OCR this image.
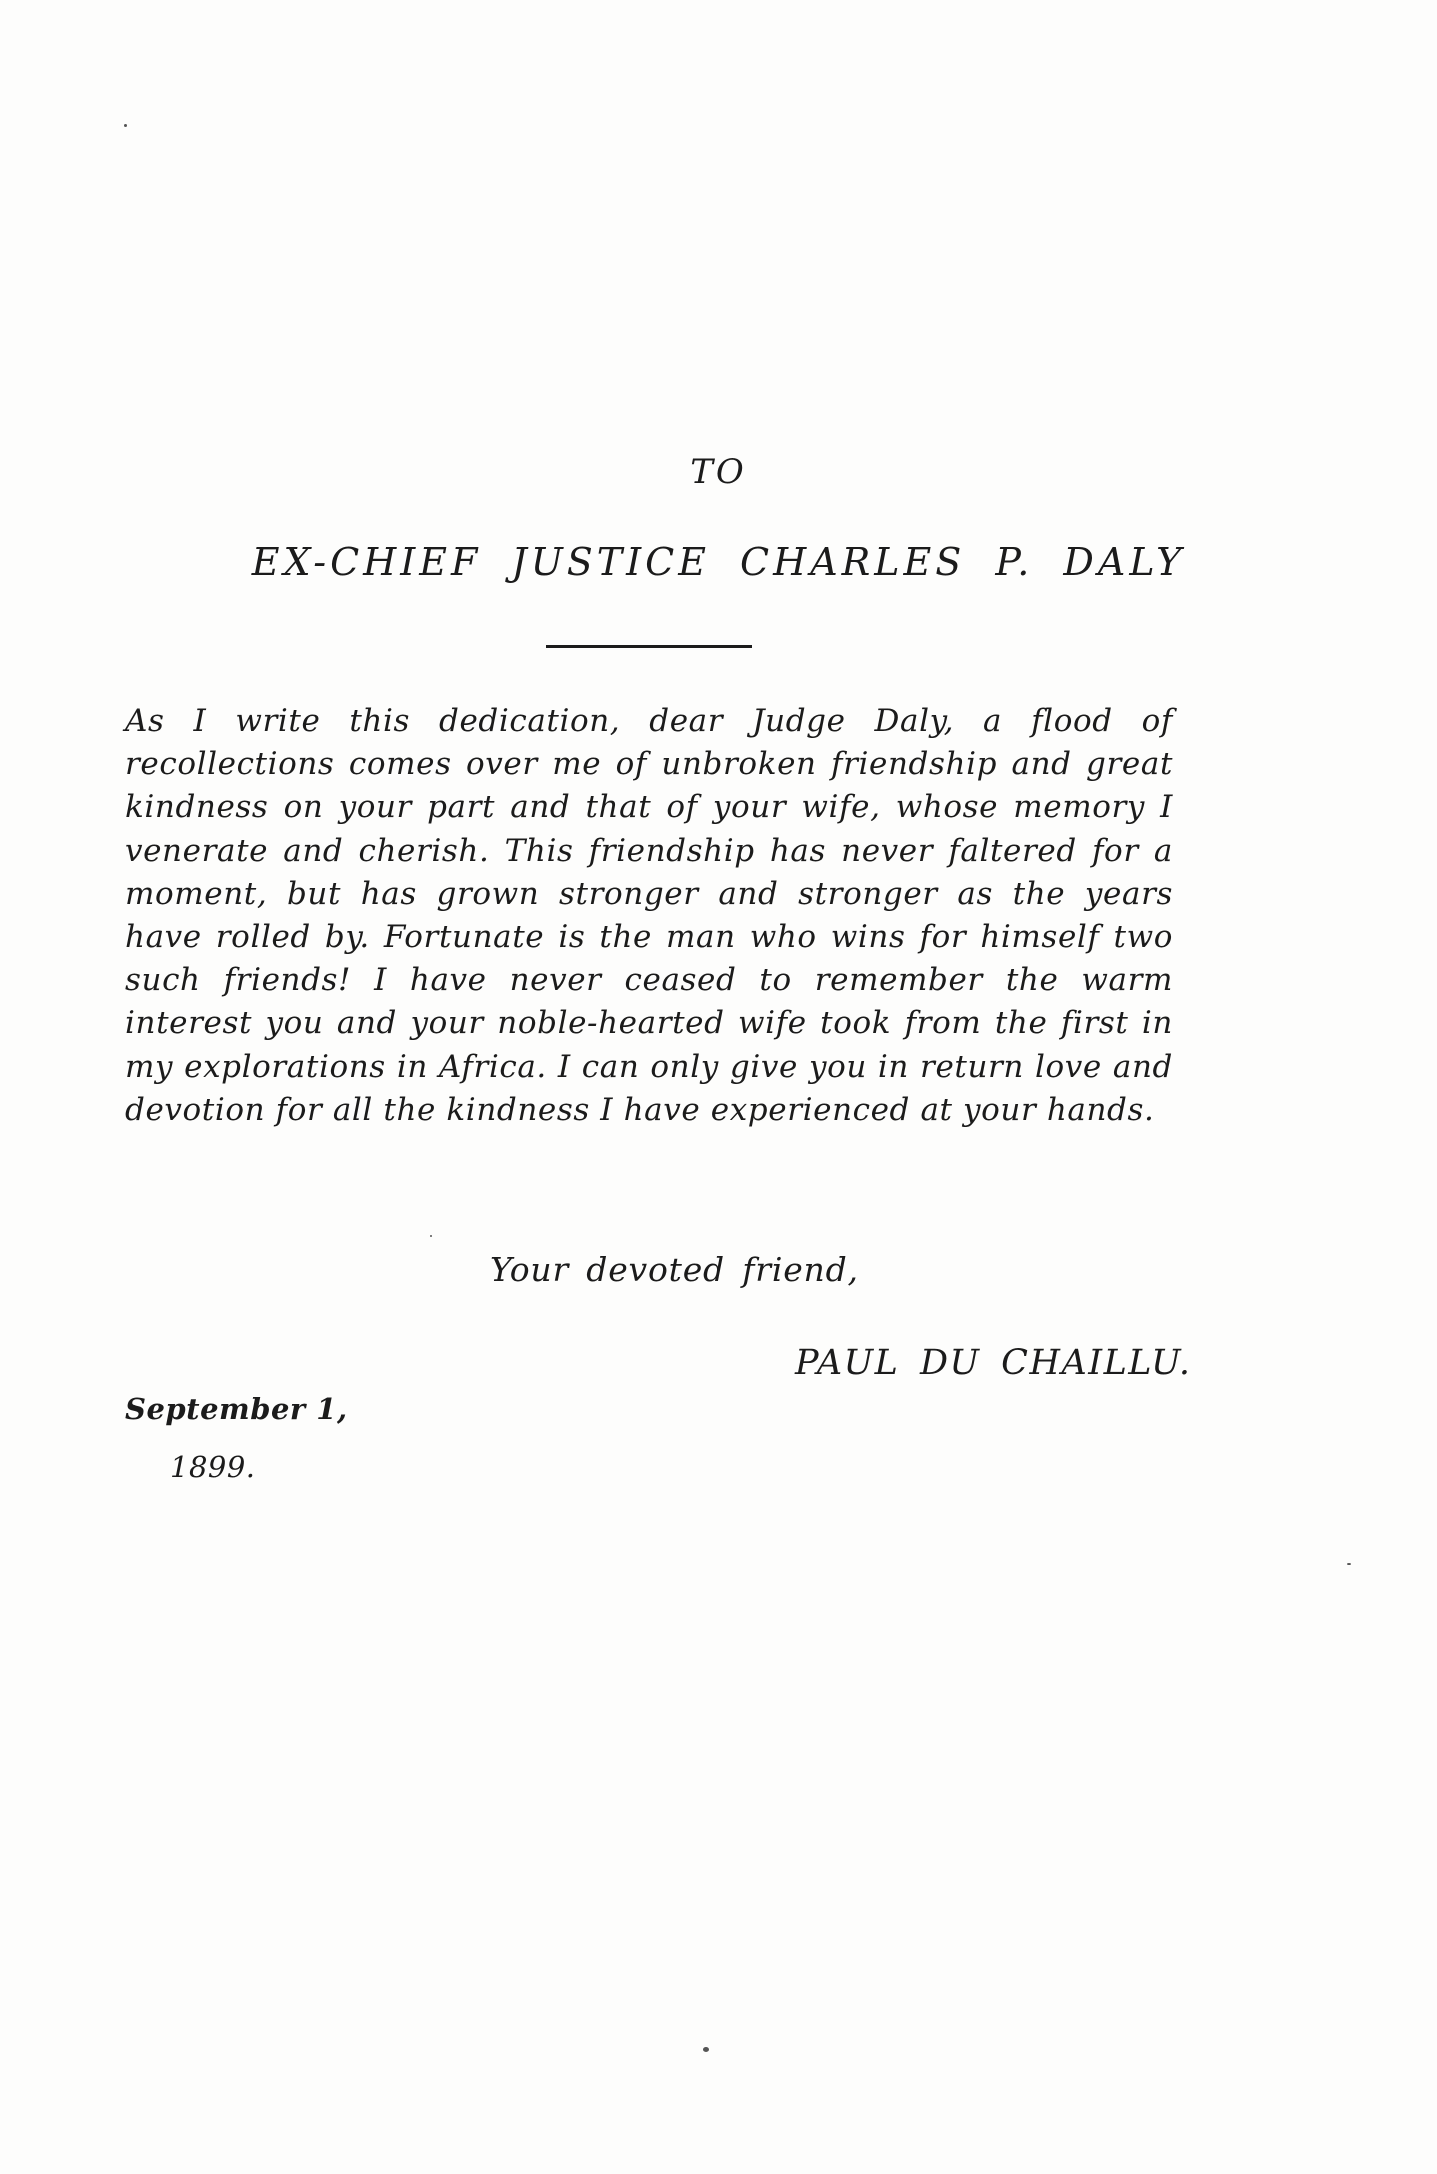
TO
EX-CHIEF JUSTICE CHARLES P. DALY

As I write this dedication, dear Judge Daly, a flood of recollections comes over me of unbroken friendship and great kindness on your part and that of your wife, whose memory I venerate and cherish. This friendship has never faltered for a moment, but has grown stronger and stronger as the years have rolled by. Fortunate is the man who wins for himself two such friends! I have never ceased to remember the warm interest you and your noble-hearted wife took from the first in my explorations in Africa. I can only give you in return love and devotion for all the kindness I have experienced at your hands.

Your devoted friend,
PAUL DU CHAILLU.
September 1,
1899.
